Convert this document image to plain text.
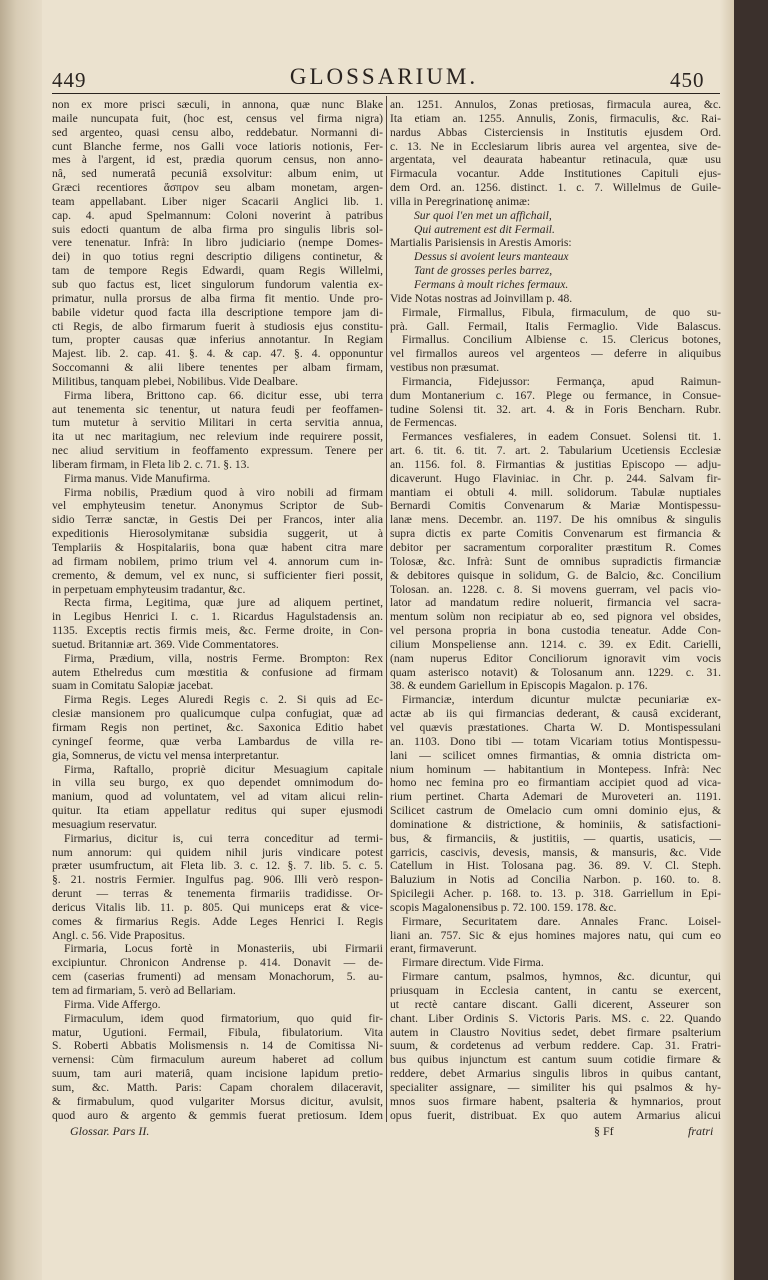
449	GLOSSARIUM.	450
non ex more prisci sæculi, in annona, quæ nunc Blake
maile nuncupata fuit, (hoc est, census vel firma nigra)
sed argenteo, quasi censu albo, reddebatur. Normanni di-
cunt Blanche ferme, nos Galli voce latioris notionis, Fer-
mes à l'argent, id est, prædia quorum census, non anno-
nâ, sed numeratâ pecuniâ exsolvitur: album enim, ut
Græci recentiores ἄσπρον seu albam monetam, argen-
team appellabant. Liber niger Scacarii Anglici lib. 1.
cap. 4. apud Spelmannum: Coloni noverint à patribus
suis edocti quantum de alba firma pro singulis libris sol-
vere tenenatur. Infrà: In libro judiciario (nempe Domes-
dei) in quo totius regni descriptio diligens continetur, &
tam de tempore Regis Edwardi, quam Regis Willelmi,
sub quo factus est, licet singulorum fundorum valentia ex-
primatur, nulla prorsus de alba firma fit mentio. Unde pro-
babile videtur quod facta illa descriptione tempore jam di-
cti Regis, de albo firmarum fuerit à studiosis ejus constitu-
tum, propter causas quæ inferius annotantur. In Regiam
Majest. lib. 2. cap. 41. §. 4. & cap. 47. §. 4. opponuntur
Soccomanni & alii libere tenentes per albam firmam,
Militibus, tanquam plebei, Nobilibus. Vide Dealbare.
Firma libera, Brittono cap. 66. dicitur esse, ubi terra
aut tenementa sic tenentur, ut natura feudi per feoffamen-
tum mutetur à servitio Militari in certa servitia annua,
ita ut nec maritagium, nec relevium inde requirere possit,
nec aliud servitium in feoffamento expressum. Tenere per
liberam firmam, in Fleta lib 2. c. 71. §. 13.
Firma manus. Vide Manufirma.
Firma nobilis, Prædium quod à viro nobili ad firmam
vel emphyteusim tenetur. Anonymus Scriptor de Sub-
sidio Terræ sanctæ, in Gestis Dei per Francos, inter alia
expeditionis Hierosolymitanæ subsidia suggerit, ut à
Templariis & Hospitalariis, bona quæ habent citra mare
ad firmam nobilem, primo trium vel 4. annorum cum in-
cremento, & demum, vel ex nunc, si sufficienter fieri possit,
in perpetuam emphyteusim tradantur, &c.
Recta firma, Legitima, quæ jure ad aliquem pertinet,
in Legibus Henrici I. c. 1. Ricardus Hagulstadensis an.
1135. Exceptis rectis firmis meis, &c. Ferme droite, in Con-
suetud. Britanniæ art. 369. Vide Commentatores.
Firma, Prædium, villa, nostris Ferme. Brompton: Rex
autem Ethelredus cum mœstitia & confusione ad firmam
suam in Comitatu Salopiæ jacebat.
Firma Regis. Leges Aluredi Regis c. 2. Si quis ad Ec-
clesiæ mansionem pro qualicumque culpa confugiat, quæ ad
firmam Regis non pertinet, &c. Saxonica Editio habet
cyningeſ feorme, quæ verba Lambardus de villa re-
gia, Somnerus, de victu vel mensa interpretantur.
Firma, Raftallo, propriè dicitur Mesuagium capitale
in villa seu burgo, ex quo dependet omnimodum do-
manium, quod ad voluntatem, vel ad vitam alicui relin-
quitur. Ita etiam appellatur reditus qui super ejusmodi
mesuagium reservatur.
Firmarius, dicitur is, cui terra conceditur ad termi-
num annorum: qui quidem nihil juris vindicare potest
præter usumfructum, ait Fleta lib. 3. c. 12. §. 7. lib. 5. c. 5.
§. 21. nostris Fermier. Ingulfus pag. 906. Illi verò respon-
derunt — terras & tenementa firmariis tradidisse. Or-
dericus Vitalis lib. 11. p. 805. Qui municeps erat & vice-
comes & firmarius Regis. Adde Leges Henrici I. Regis
Angl. c. 56. Vide Prapositus.
Firmaria, Locus fortè in Monasteriis, ubi Firmarii
excipiuntur. Chronicon Andrense p. 414. Donavit — de-
cem (caserias frumenti) ad mensam Monachorum, 5. au-
tem ad firmariam, 5. verò ad Bellariam.
Firma. Vide Affergo.
Firmaculum, idem quod firmatorium, quo quid fir-
matur, Ugutioni. Fermail, Fibula, fibulatorium. Vita
S. Roberti Abbatis Molismensis n. 14 de Comitissa Ni-
vernensi: Cùm firmaculum aureum haberet ad collum
suum, tam auri materiâ, quam incisione lapidum pretio-
sum, &c. Matth. Paris: Capam choralem dilaceravit,
& firmabulum, quod vulgariter Morsus dicitur, avulsit,
quod auro & argento & gemmis fuerat pretiosum. Idem
an. 1251. Annulos, Zonas pretiosas, firmacula aurea, &c.
Ita etiam an. 1255. Annulis, Zonis, firmaculis, &c. Rai-
nardus Abbas Cisterciensis in Institutis ejusdem Ord.
c. 13. Ne in Ecclesiarum libris aurea vel argentea, sive de-
argentata, vel deaurata habeantur retinacula, quæ usu
Firmacula vocantur. Adde Institutiones Capituli ejus-
dem Ord. an. 1256. distinct. 1. c. 7. Willelmus de Guile-
villa in Peregrinationę animæ:
Sur quoi l'en met un affichail,
Qui autrement est dit Fermail.
Martialis Parisiensis in Arestis Amoris:
Dessus si avoient leurs manteaux
Tant de grosses perles barrez,
Fermans à moult riches fermaux.
Vide Notas nostras ad Joinvillam p. 48.
Firmale, Firmallus, Fibula, firmaculum, de quo su-
prà. Gall. Fermail, Italis Fermaglio. Vide Balascus.
Firmallus. Concilium Albiense c. 15. Clericus botones,
vel firmallos aureos vel argenteos — deferre in aliquibus
vestibus non præsumat.
Firmancia, Fidejussor: Fermança, apud Raimun-
dum Montanerium c. 167. Plege ou fermance, in Consue-
tudine Solensi tit. 32. art. 4. & in Foris Bencharn. Rubr.
de Fermencas.
Fermances vesfialeres, in eadem Consuet. Solensi tit. 1.
art. 6. tit. 6. tit. 7. art. 2. Tabularium Ucetiensis Ecclesiæ
an. 1156. fol. 8. Firmantias & justitias Episcopo — adju-
dicaverunt. Hugo Flaviniac. in Chr. p. 244. Salvam fir-
mantiam ei obtuli 4. mill. solidorum. Tabulæ nuptiales
Bernardi Comitis Convenarum & Mariæ Montispessu-
lanæ mens. Decembr. an. 1197. De his omnibus & singulis
supra dictis ex parte Comitis Convenarum est firmancia &
debitor per sacramentum corporaliter præstitum R. Comes
Tolosæ, &c. Infrà: Sunt de omnibus supradictis firmanciæ
& debitores quisque in solidum, G. de Balcio, &c. Concilium
Tolosan. an. 1228. c. 8. Si movens guerram, vel pacis vio-
lator ad mandatum redire noluerit, firmancia vel sacra-
mentum solùm non recipiatur ab eo, sed pignora vel obsides,
vel persona propria in bona custodia teneatur. Adde Con-
cilium Monspeliense ann. 1214. c. 39. ex Edit. Carielli,
(nam nuperus Editor Conciliorum ignoravit vim vocis
quam asterisco notavit) & Tolosanum ann. 1229. c. 31.
38. & eundem Gariellum in Episcopis Magalon. p. 176.
Firmanciæ, interdum dicuntur mulctæ pecuniariæ ex-
actæ ab iis qui firmancias dederant, & causâ exciderant,
vel quævis præstationes. Charta W. D. Montispessulani
an. 1103. Dono tibi — totam Vicariam totius Montispessu-
lani — scilicet omnes firmantias, & omnia districta om-
nium hominum — habitantium in Montepess. Infrà: Nec
homo nec femina pro eo firmantiam accipiet quod ad vica-
rium pertinet. Charta Ademari de Muroveteri an. 1191.
Scilicet castrum de Omelacio cum omni dominio ejus, &
dominatione & districtione, & hominiis, & satisfactioni-
bus, & firmanciis, & justitiis, — quartis, usaticis, —
garricis, cascivis, devesis, mansis, & mansuris, &c. Vide
Catellum in Hist. Tolosana pag. 36. 89. V. Cl. Steph.
Baluzium in Notis ad Concilia Narbon. p. 160. to. 8.
Spicilegii Acher. p. 168. to. 13. p. 318. Garriellum in Epi-
scopis Magalonensibus p. 72. 100. 159. 178. &c.
Firmare, Securitatem dare. Annales Franc. Loisel-
liani an. 757. Sic & ejus homines majores natu, qui cum eo
erant, firmaverunt.
Firmare directum. Vide Firma.
Firmare cantum, psalmos, hymnos, &c. dicuntur, qui
priusquam in Ecclesia cantent, in cantu se exercent,
ut rectè cantare discant. Galli dicerent, Asseurer son
chant. Liber Ordinis S. Victoris Paris. MS. c. 22. Quando
autem in Claustro Novitius sedet, debet firmare psalterium
suum, & cordetenus ad verbum reddere. Cap. 31. Fratri-
bus quibus injunctum est cantum suum cotidie firmare &
reddere, debet Armarius singulis libros in quibus cantant,
specialiter assignare, — similiter his qui psalmos & hy-
mnos suos firmare habent, psalteria & hymnarios, prout
opus fuerit, distribuat. Ex quo autem Armarius alicui
Glossar. Pars II.	§ Ff	fratri
